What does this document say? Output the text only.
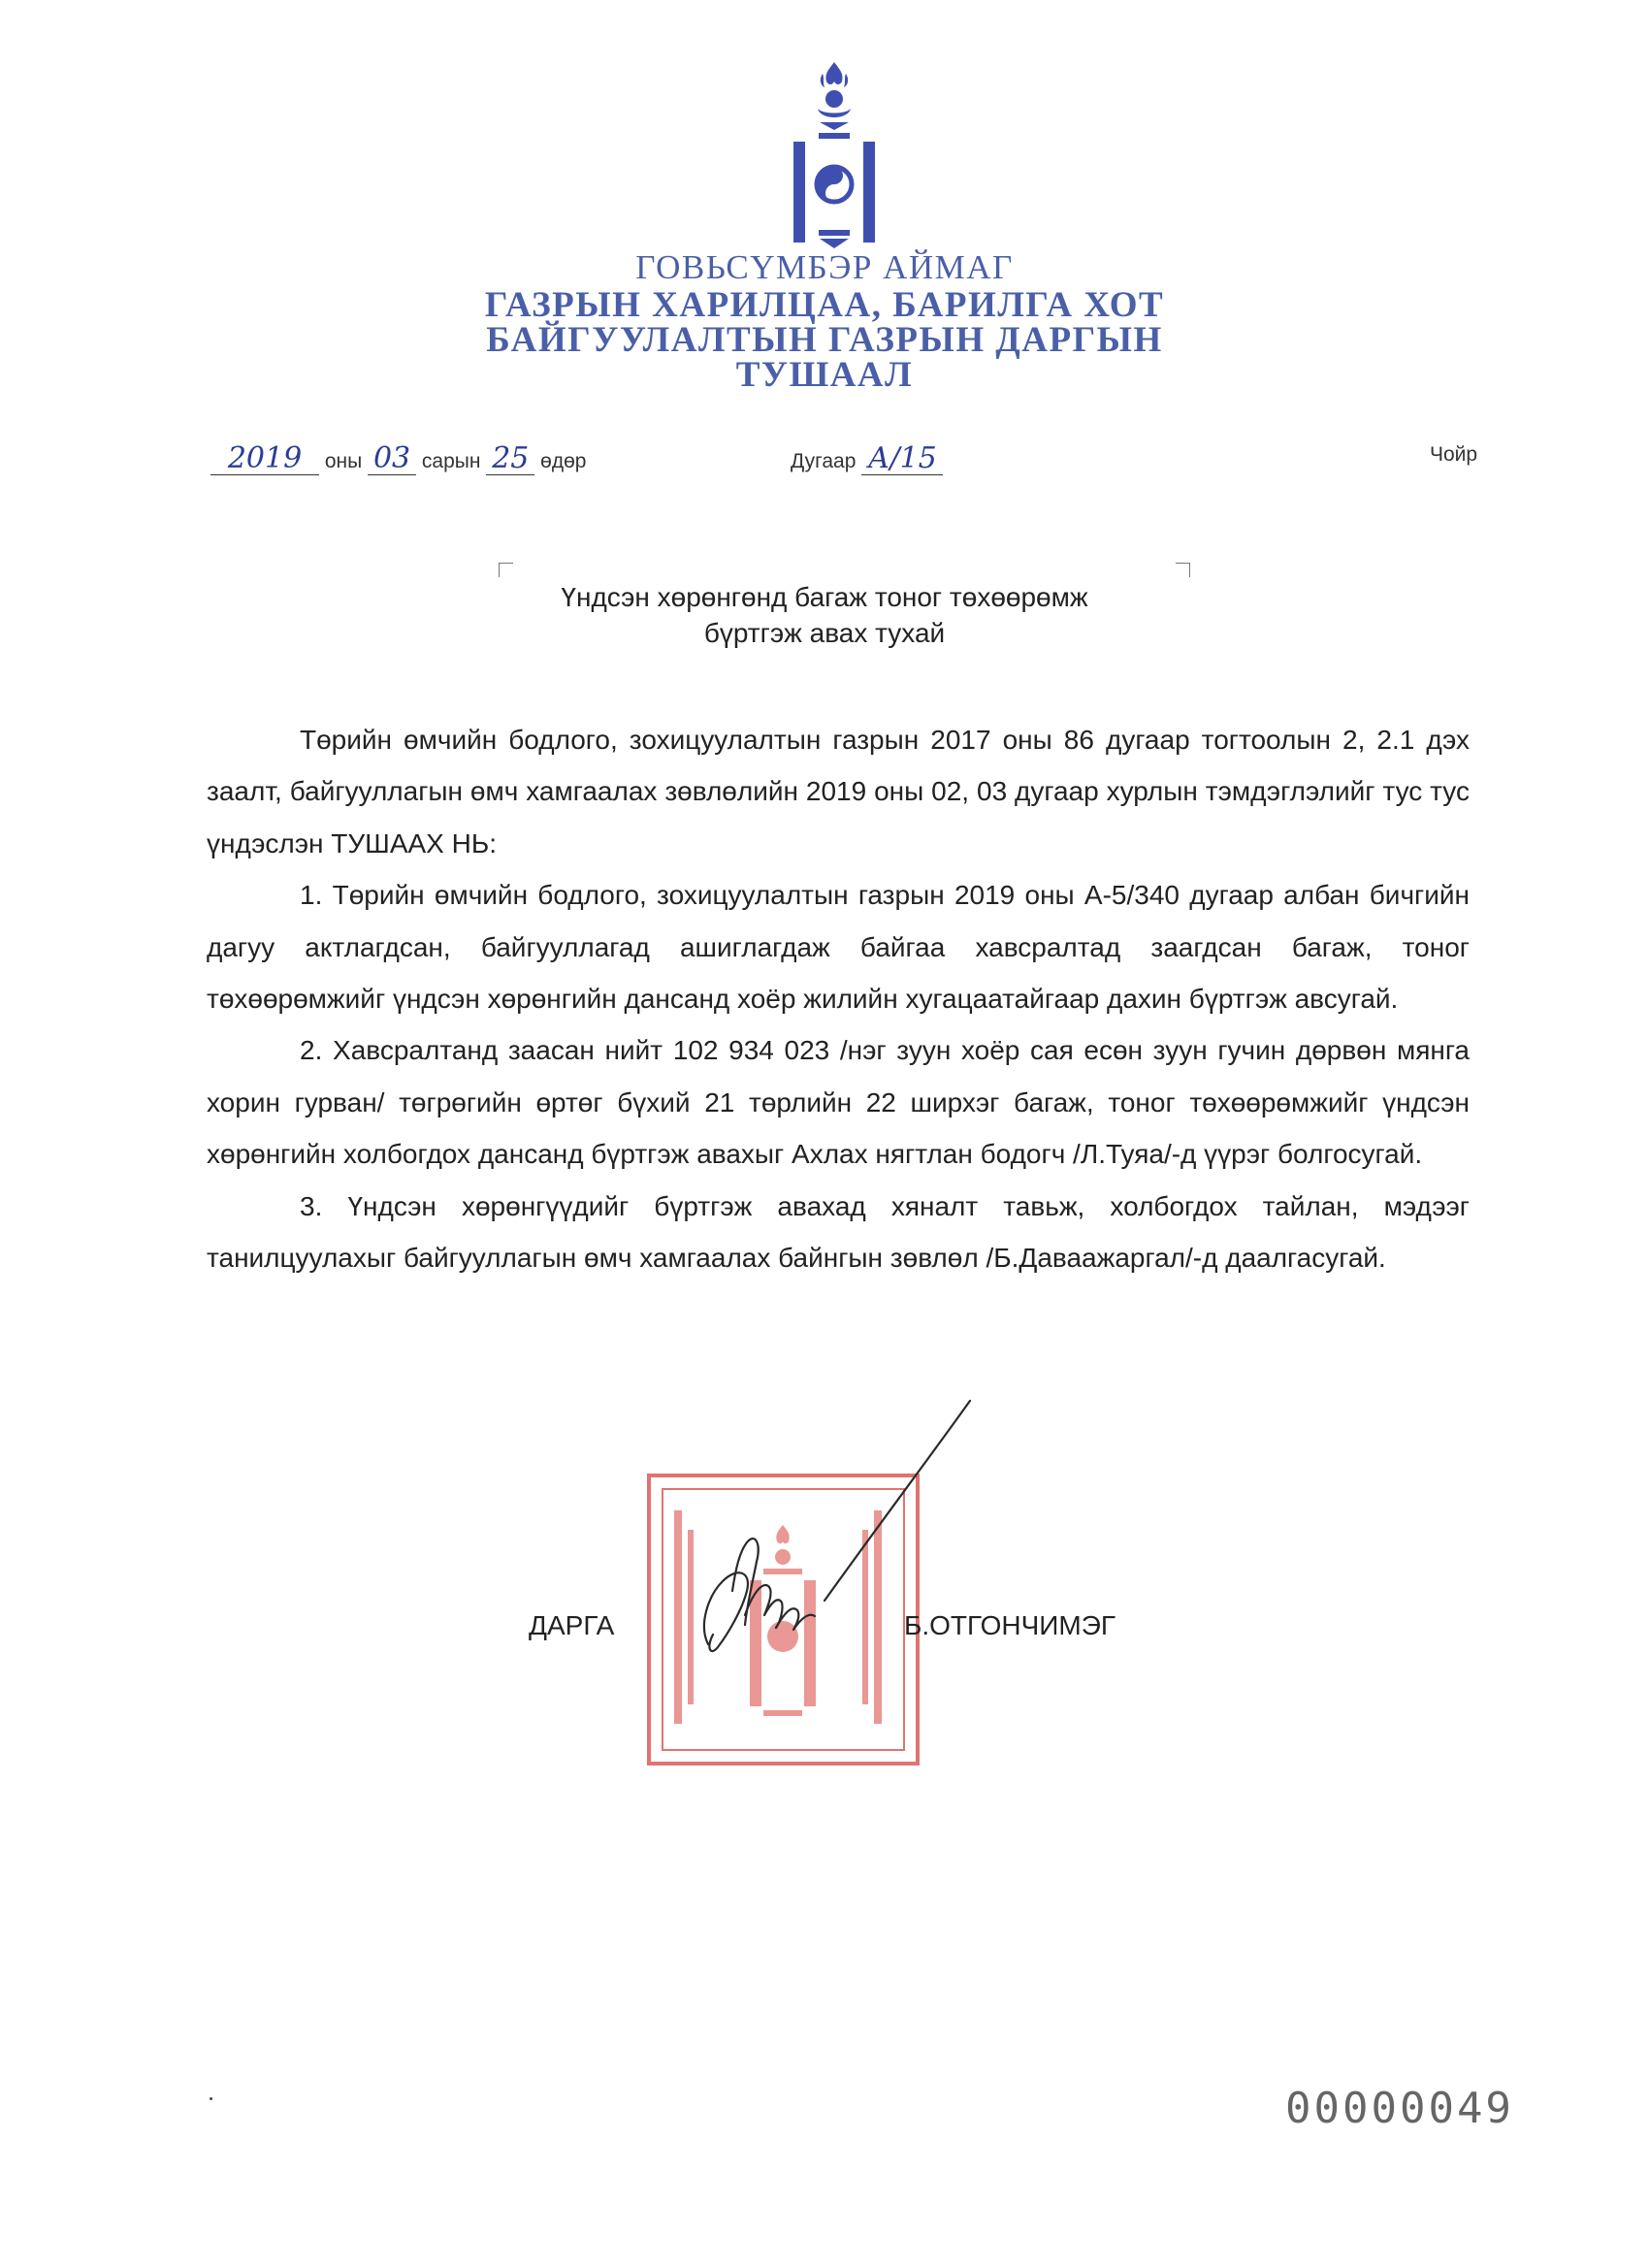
ГОВЬСҮМБЭР АЙМАГ
ГАЗРЫН ХАРИЛЦАА, БАРИЛГА ХОТ
БАЙГУУЛАЛТЫН ГАЗРЫН ДАРГЫН
ТУШААЛ
2019 оны 03 сарын 25 өдөр	Дугаар А/15	Чойр
Үндсэн хөрөнгөнд багаж тоног төхөөрөмж
бүртгэж авах тухай

Төрийн өмчийн бодлого, зохицуулалтын газрын 2017 оны 86 дугаар тогтоолын 2, 2.1 дэх заалт, байгууллагын өмч хамгаалах зөвлөлийн 2019 оны 02, 03 дугаар хурлын тэмдэглэлийг тус тус үндэслэн ТУШААХ НЬ:

1. Төрийн өмчийн бодлого, зохицуулалтын газрын 2019 оны А-5/340 дугаар албан бичгийн дагуу актлагдсан, байгууллагад ашиглагдаж байгаа хавсралтад заагдсан багаж, тоног төхөөрөмжийг үндсэн хөрөнгийн дансанд хоёр жилийн хугацаатайгаар дахин бүртгэж авсугай.

2. Хавсралтанд заасан нийт 102 934 023 /нэг зуун хоёр сая есөн зуун гучин дөрвөн мянга хорин гурван/ төгрөгийн өртөг бүхий 21 төрлийн 22 ширхэг багаж, тоног төхөөрөмжийг үндсэн хөрөнгийн холбогдох дансанд бүртгэж авахыг Ахлах нягтлан бодогч /Л.Туяа/-д үүрэг болгосугай.

3. Үндсэн хөрөнгүүдийг бүртгэж авахад хяналт тавьж, холбогдох тайлан, мэдээг танилцуулахыг байгууллагын өмч хамгаалах байнгын зөвлөл /Б.Даваажаргал/-д даалгасугай.

ДАРГА	Б.ОТГОНЧИМЭГ
00000049
